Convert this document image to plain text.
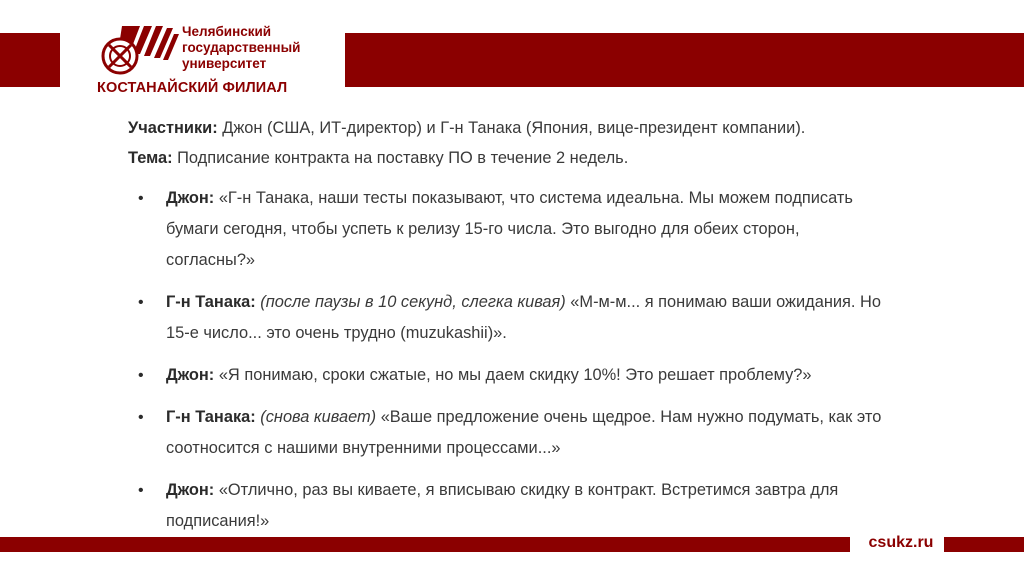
Челябинский
государственный
университет
КОСТАНАЙСКИЙ ФИЛИАЛ

Участники: Джон (США, ИТ-директор) и Г-н Танака (Япония, вице-президент компании).

Тема: Подписание контракта на поставку ПО в течение 2 недель.

• Джон: «Г-н Танака, наши тесты показывают, что система идеальна. Мы можем подписать бумаги сегодня, чтобы успеть к релизу 15-го числа. Это выгодно для обеих сторон, согласны?»
• Г-н Танака: (после паузы в 10 секунд, слегка кивая) «М-м-м... я понимаю ваши ожидания. Но 15-е число... это очень трудно (muzukashii)».
• Джон: «Я понимаю, сроки сжатые, но мы даем скидку 10%! Это решает проблему?»
• Г-н Танака: (снова кивает) «Ваше предложение очень щедрое. Нам нужно подумать, как это соотносится с нашими внутренними процессами...»
• Джон: «Отлично, раз вы киваете, я вписываю скидку в контракт. Встретимся завтра для подписания!»
csukz.ru
